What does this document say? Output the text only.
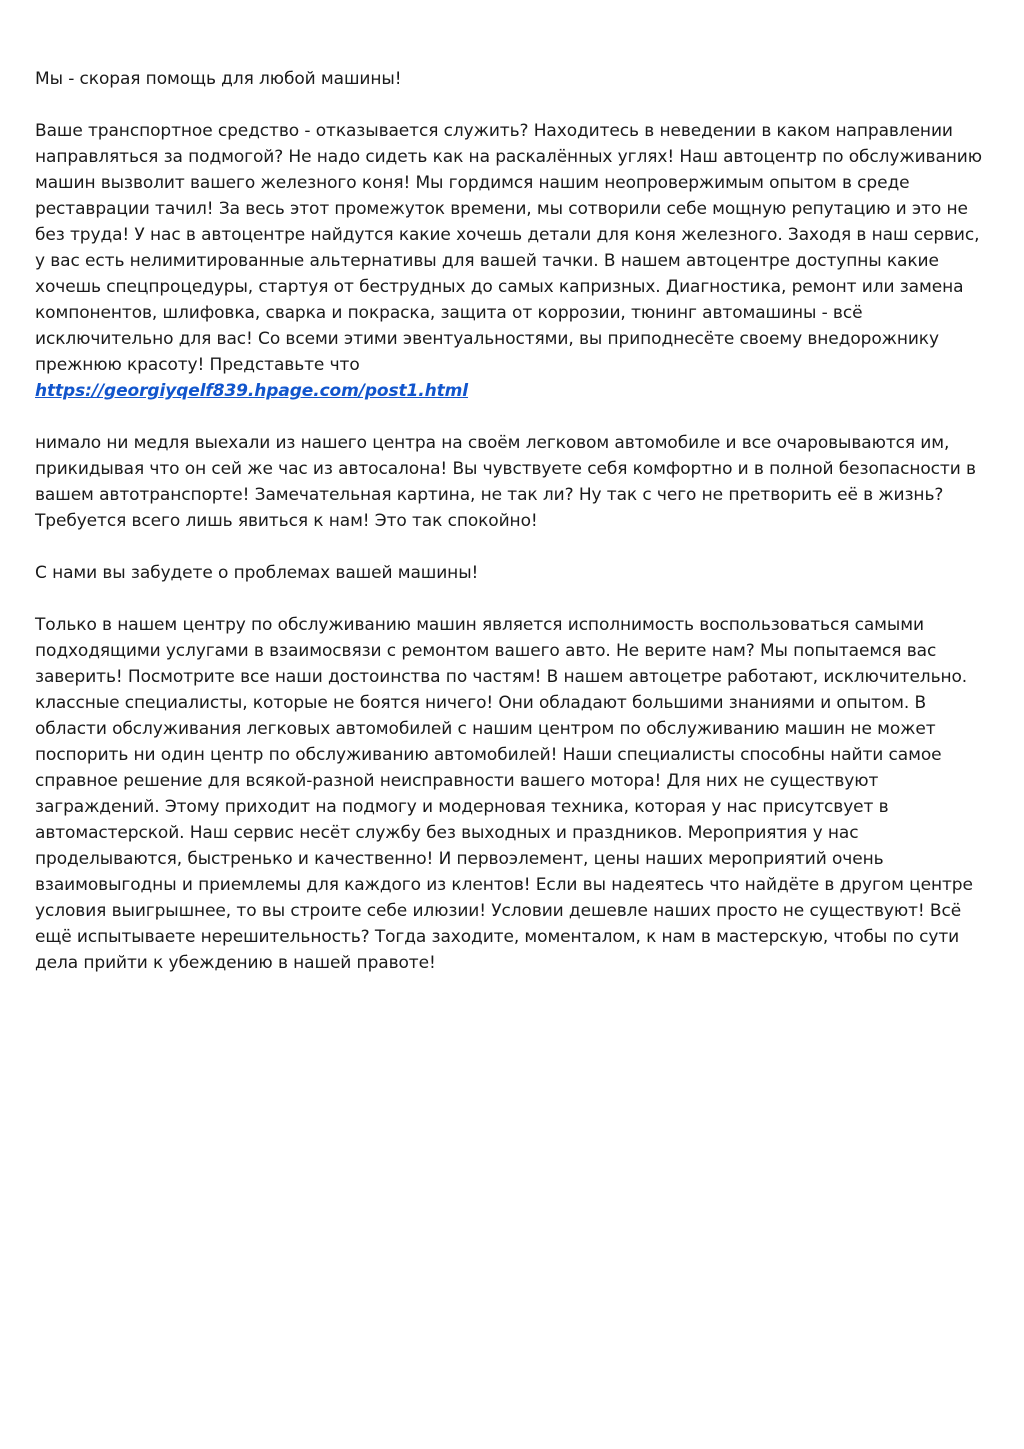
Мы - скорая помощь для любой машины!

Ваше транспортное средство - отказывается служить? Находитесь в неведении в каком направлении направляться за подмогой? Не надо сидеть как на раскалённых углях! Наш автоцентр по обслуживанию машин вызволит вашего железного коня! Мы гордимся нашим неопровержимым опытом в среде реставрации тачил! За весь этот промежуток времени, мы сотворили себе мощную репутацию и это не без труда! У нас в автоцентре найдутся какие хочешь детали для коня железного. Заходя в наш сервис, у вас есть нелимитированные альтернативы для вашей тачки. В нашем автоцентре доступны какие хочешь спецпроцедуры, стартуя от беструдных до самых капризных. Диагностика, ремонт или замена компонентов, шлифовка, сварка и покраска, защита от коррозии, тюнинг автомашины - всё исключительно для вас! Со всеми этими эвентуальностями, вы приподнесёте своему внедорожнику прежнюю красоту! Представьте что
https://georgiyqelf839.hpage.com/post1.html

нимало ни медля выехали из нашего центра на своём легковом автомобиле и все очаровываются им, прикидывая что он сей же час из автосалона! Вы чувствуете себя комфортно и в полной безопасности в вашем автотранспорте! Замечательная картина, не так ли? Ну так с чего не претворить её в жизнь? Требуется всего лишь явиться к нам! Это так спокойно!

С нами вы забудете о проблемах вашей машины!

Только в нашем центру по обслуживанию машин является исполнимость воспользоваться самыми подходящими услугами в взаимосвязи с ремонтом вашего авто. Не верите нам? Мы попытаемся вас заверить! Посмотрите все наши достоинства по частям! В нашем автоцетре работают, исключительно. классные специалисты, которые не боятся ничего! Они обладают большими знаниями и опытом. В области обслуживания легковых автомобилей с нашим центром по обслуживанию машин не может поспорить ни один центр по обслуживанию автомобилей! Наши специалисты способны найти самое справное решение для всякой-разной неисправности вашего мотора! Для них не существуют заграждений. Этому приходит на подмогу и модерновая техника, которая у нас присутсвует в автомастерской. Наш сервис несёт службу без выходных и праздников. Мероприятия у нас проделываются, быстренько и качественно! И первоэлемент, цены наших мероприятий очень взаимовыгодны и приемлемы для каждого из клентов! Если вы надеятесь что найдёте в другом центре условия выигрышнее, то вы строите себе илюзии! Условии дешевле наших просто не существуют! Всё ещё испытываете нерешительность? Тогда заходите, моменталом, к нам в мастерскую, чтобы по сути дела прийти к убеждению в нашей правоте!
